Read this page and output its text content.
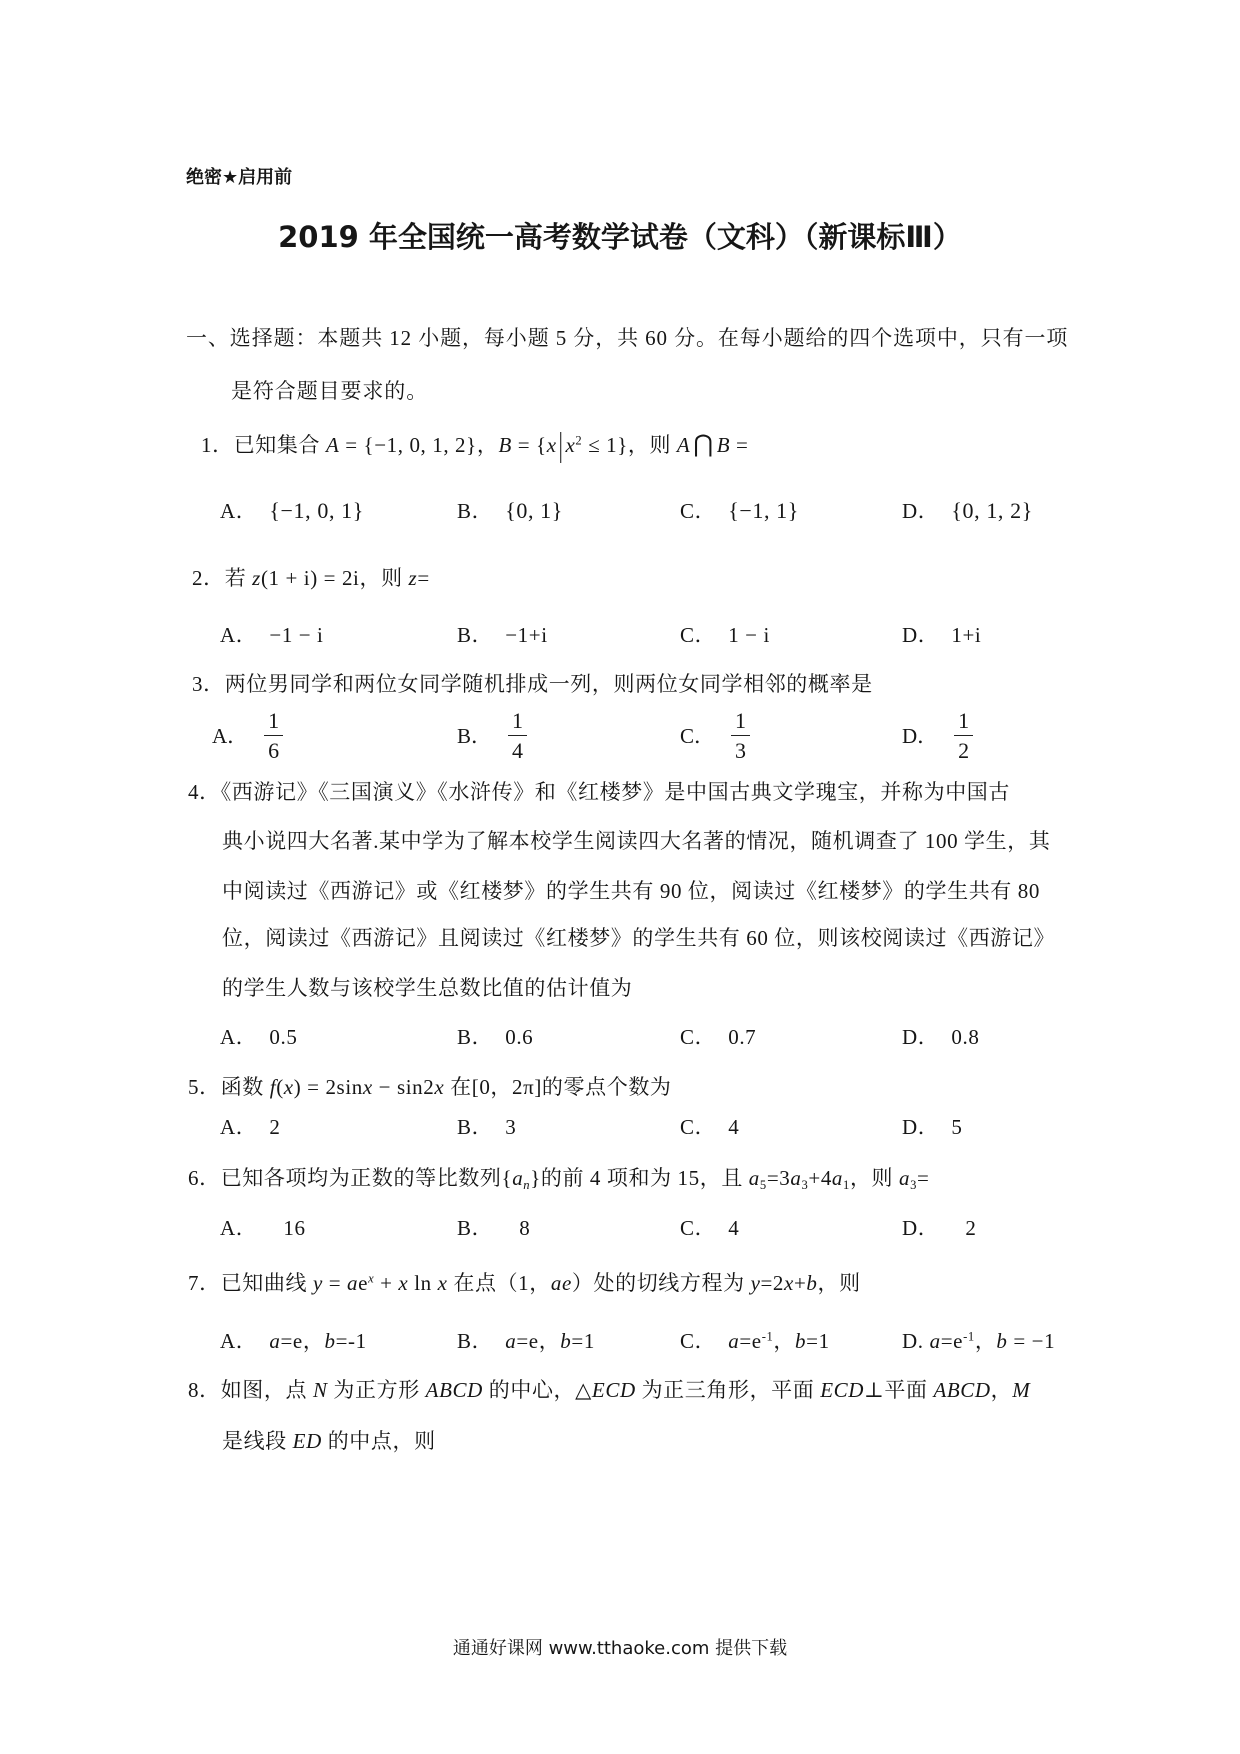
绝密★启用前
2019 年全国统一高考数学试卷（文科）（新课标Ⅲ）
一、选择题：本题共 12 小题，每小题 5 分，共 60 分。在每小题给的四个选项中，只有一项
是符合题目要求的。
1．已知集合 A = {−1, 0, 1, 2}，$B = \{x|x^2 \le 1\}$，则 A ⋂ B =
A． {−1, 0, 1}	B． {0, 1}	C． {−1, 1}	D． {0, 1, 2}
2．若 z(1 + i) = 2i，则 z=
A． −1 − i	B． −1+i	C． 1 − i	D． 1+i
3．两位男同学和两位女同学随机排成一列，则两位女同学相邻的概率是
A． $\frac{1}{6}$	B． $\frac{1}{4}$	C． $\frac{1}{3}$	D． $\frac{1}{2}$
4．《西游记》《三国演义》《水浒传》和《红楼梦》是中国古典文学瑰宝，并称为中国古
典小说四大名著.某中学为了解本校学生阅读四大名著的情况，随机调查了 100 学生，其
中阅读过《西游记》或《红楼梦》的学生共有 90 位，阅读过《红楼梦》的学生共有 80
位，阅读过《西游记》且阅读过《红楼梦》的学生共有 60 位，则该校阅读过《西游记》
的学生人数与该校学生总数比值的估计值为
A． 0.5	B． 0.6	C． 0.7	D． 0.8
5．函数 f(x) = 2sinx − sin2x 在[0，2π]的零点个数为
A． 2	B． 3	C． 4	D． 5
6．已知各项均为正数的等比数列$\{a_n\}$的前 4 项和为 15，且 $a_5=3a_3+4a_1$，则 $a_3=$
A． 16	B． 8	C． 4	D． 2
7．已知曲线 $y = ae^x + x$ ln x 在点（1，ae）处的切线方程为 y=2x+b，则
A． a=e，b=-1	B． a=e，b=1	C． $a=e^{-1}$，b=1	D. $a=e^{-1}$，b = −1
8．如图，点 N 为正方形 ABCD 的中心，△ECD 为正三角形，平面 ECD⊥平面 ABCD，M
是线段 ED 的中点，则
通通好课网 www.tthaoke.com 提供下载
